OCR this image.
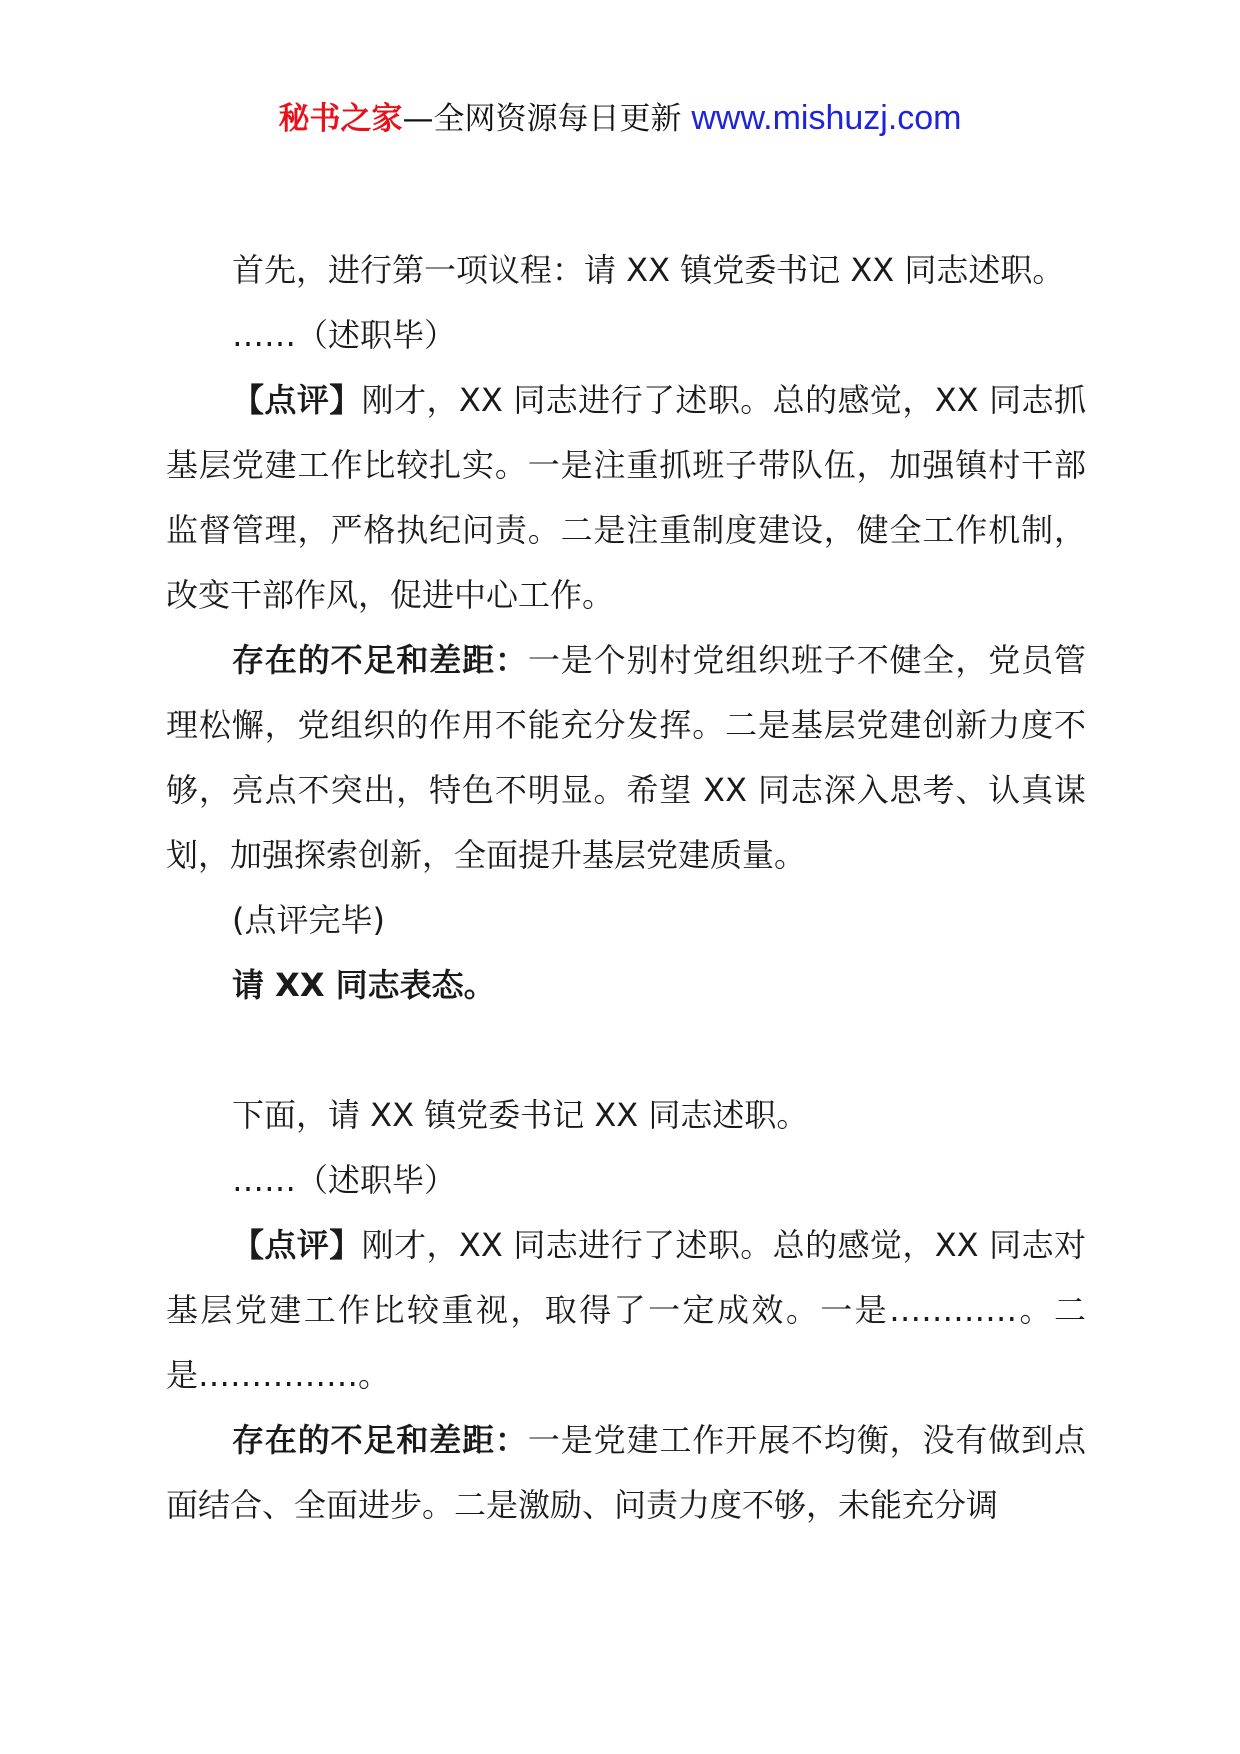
秘书之家—全网资源每日更新 www.mishuzj.com
首先，进行第一项议程：请 XX 镇党委书记 XX 同志述职。
……（述职毕）
【点评】刚才，XX 同志进行了述职。总的感觉，XX 同志抓基层党建工作比较扎实。一是注重抓班子带队伍，加强镇村干部监督管理，严格执纪问责。二是注重制度建设，健全工作机制，改变干部作风，促进中心工作。
存在的不足和差距：一是个别村党组织班子不健全，党员管理松懈，党组织的作用不能充分发挥。二是基层党建创新力度不够，亮点不突出，特色不明显。希望 XX 同志深入思考、认真谋划，加强探索创新，全面提升基层党建质量。
(点评完毕)
请 XX 同志表态。
下面，请 XX 镇党委书记 XX 同志述职。
……（述职毕）
【点评】刚才，XX 同志进行了述职。总的感觉，XX 同志对基层党建工作比较重视，取得了一定成效。一是…………。二是……………。
存在的不足和差距：一是党建工作开展不均衡，没有做到点面结合、全面进步。二是激励、问责力度不够，未能充分调
